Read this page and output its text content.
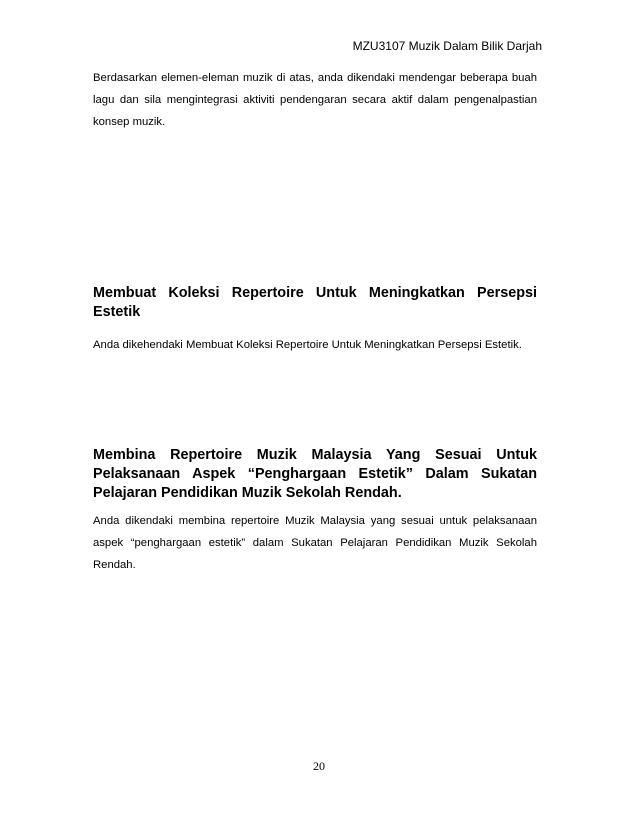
MZU3107 Muzik Dalam Bilik Darjah

Berdasarkan elemen-eleman muzik di atas, anda dikendaki mendengar beberapa buah lagu dan sila mengintegrasi aktiviti pendengaran secara aktif dalam pengenalpastian konsep muzik.

Membuat Koleksi Repertoire Untuk Meningkatkan Persepsi Estetik

Anda dikehendaki Membuat Koleksi Repertoire Untuk Meningkatkan Persepsi Estetik.

Membina Repertoire Muzik Malaysia Yang Sesuai Untuk Pelaksanaan Aspek “Penghargaan Estetik” Dalam Sukatan Pelajaran Pendidikan Muzik Sekolah Rendah.

Anda dikendaki membina repertoire Muzik Malaysia yang sesuai untuk pelaksanaan aspek “penghargaan estetik” dalam Sukatan Pelajaran Pendidikan Muzik Sekolah Rendah.

20
